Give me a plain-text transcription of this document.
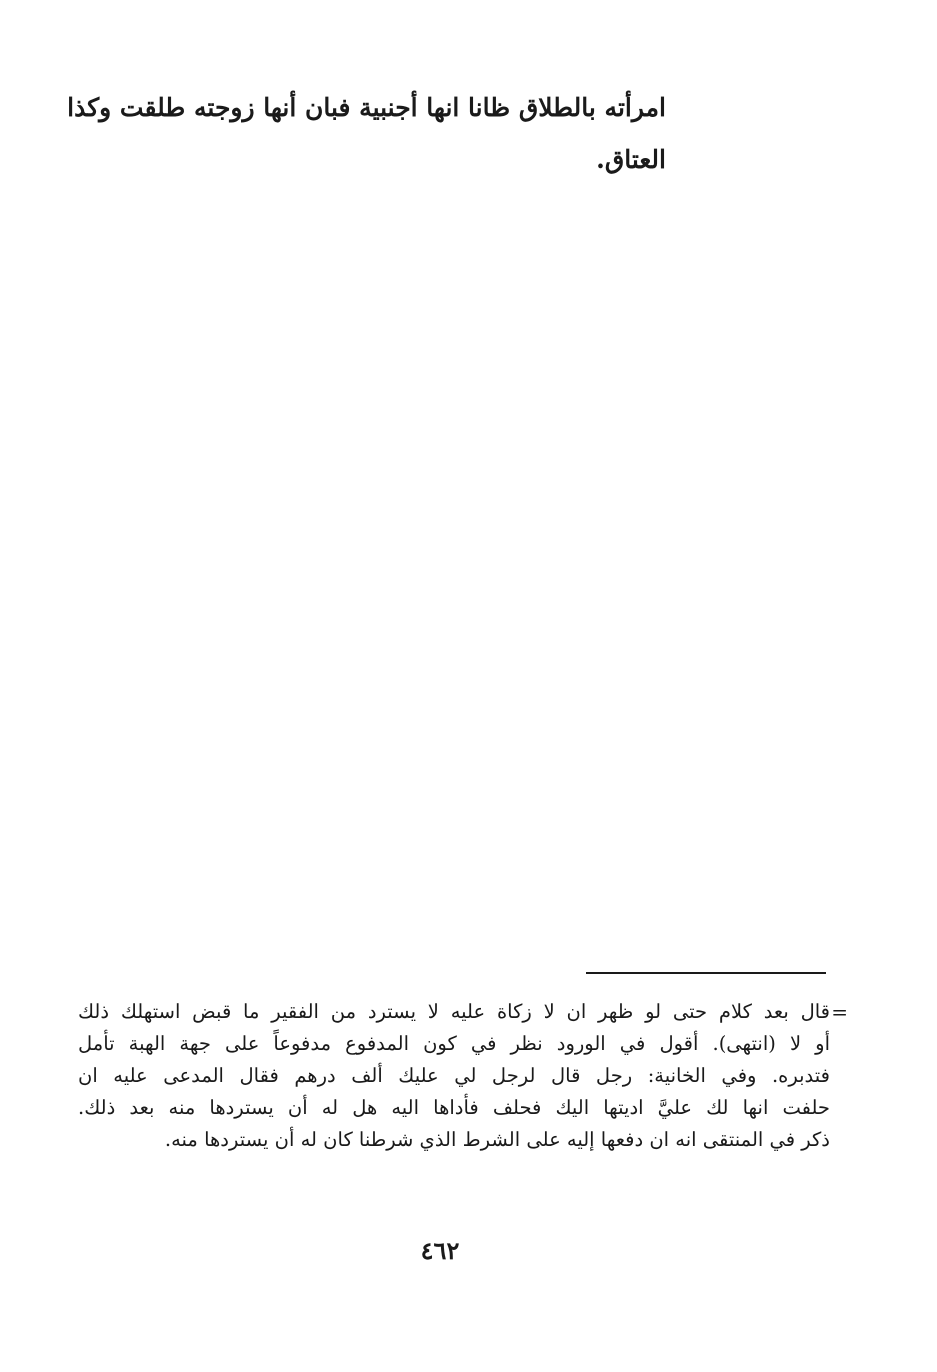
امرأته بالطلاق ظانا انها أجنبية فبان أنها زوجته طلقت وكذا

العتاق.

=
قال بعد كلام حتى لو ظهر ان لا زكاة عليه لا يسترد من الفقير ما قبض استهلك ذلك
أو لا (انتهى). أقول في الورود نظر في كون المدفوع مدفوعاً على جهة الهبة تأمل
فتدبره. وفي الخانية: رجل قال لرجل لي عليك ألف درهم فقال المدعى عليه ان
حلفت انها لك عليَّ اديتها اليك فحلف فأداها اليه هل له أن يستردها منه بعد ذلك.
ذكر في المنتقى انه ان دفعها إليه على الشرط الذي شرطنا كان له أن يستردها منه.
٤٦٢
